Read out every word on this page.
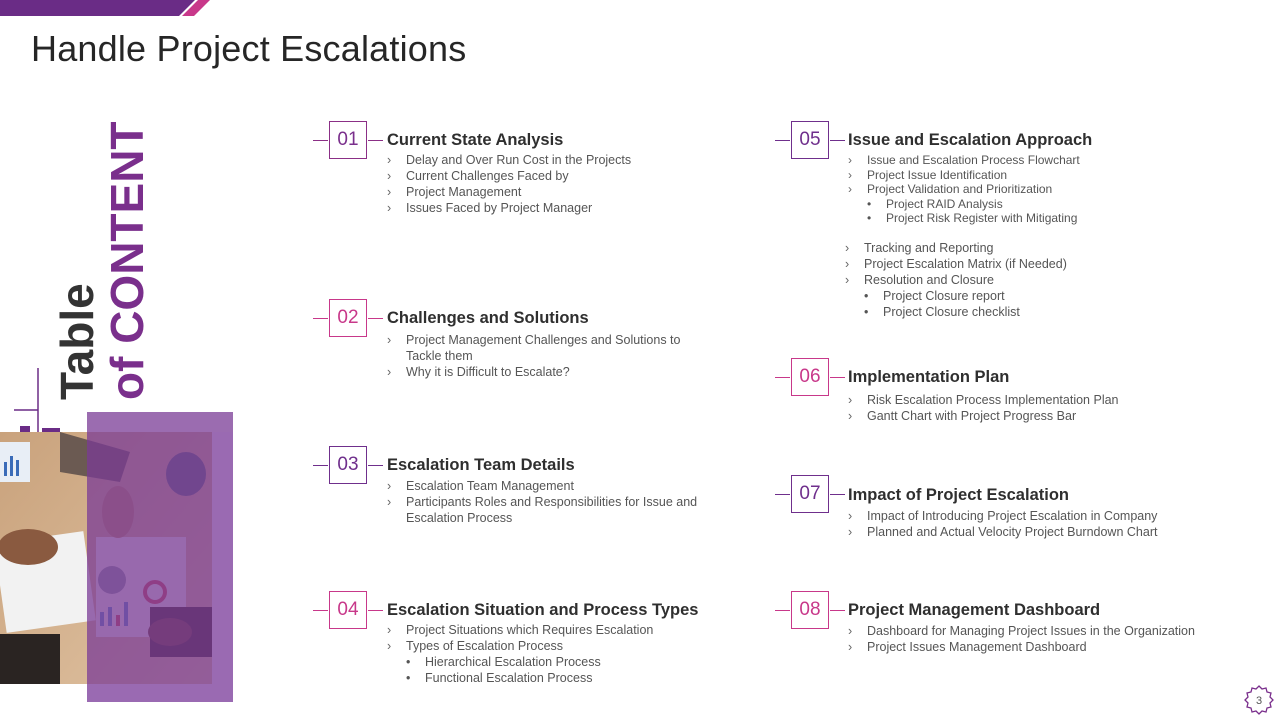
Handle Project Escalations
Table
of CONTENT	01	Current State Analysis
› Delay and Over Run Cost in the Projects
› Current Challenges Faced by
› Project Management
› Issues Faced by Project Manager
02	Challenges and Solutions
› Project Management Challenges and Solutions to Tackle them
› Why it is Difficult to Escalate?
03	Escalation Team Details
› Escalation Team Management
› Participants Roles and Responsibilities for Issue and Escalation Process
04	Escalation Situation and Process Types
› Project Situations which Requires Escalation
› Types of Escalation Process
• Hierarchical Escalation Process
• Functional Escalation Process
05	Issue and Escalation Approach
› Issue and Escalation Process Flowchart
› Project Issue Identification
› Project Validation and Prioritization
• Project RAID Analysis
• Project Risk Register with Mitigating
› Tracking and Reporting
› Project Escalation Matrix (if Needed)
› Resolution and Closure
• Project Closure report
• Project Closure checklist
06	Implementation Plan
› Risk Escalation Process Implementation Plan
› Gantt Chart with Project Progress Bar
07	Impact of Project Escalation
› Impact of Introducing Project Escalation in Company
› Planned and Actual Velocity Project Burndown Chart
08	Project Management Dashboard
› Dashboard for Managing Project Issues in the Organization
› Project Issues Management Dashboard
3
